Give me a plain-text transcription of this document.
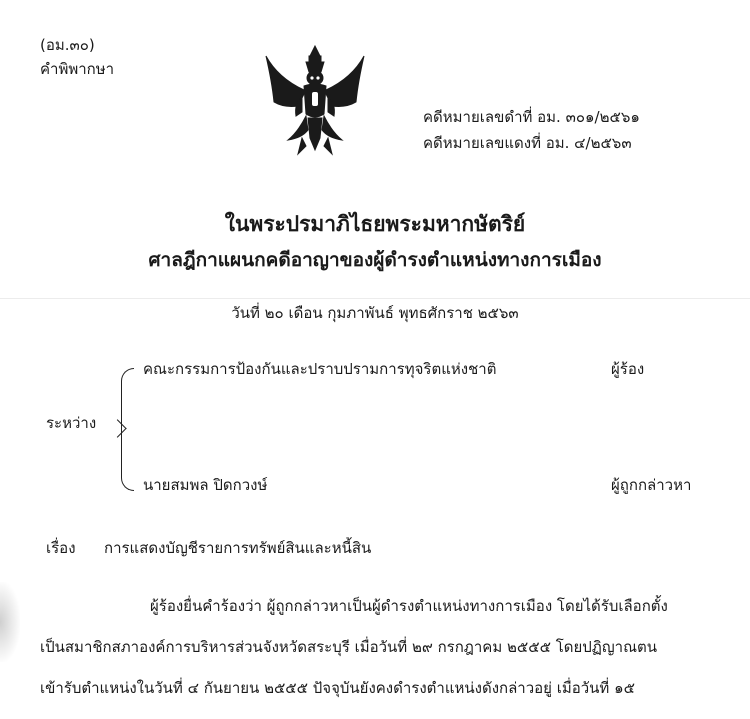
(อม.๓๐)
คำพิพากษา
คดีหมายเลขดำที่ อม. ๓๐๑/๒๕๖๑
คดีหมายเลขแดงที่ อม. ๔/๒๕๖๓
ในพระปรมาภิไธยพระมหากษัตริย์
ศาลฎีกาแผนกคดีอาญาของผู้ดำรงตำแหน่งทางการเมือง
วันที่ ๒๐ เดือน กุมภาพันธ์ พุทธศักราช ๒๕๖๓
ระหว่าง
คณะกรรมการป้องกันและปราบปรามการทุจริตแห่งชาติ	ผู้ร้อง
นายสมพล ปิดกวงษ์	ผู้ถูกกล่าวหา
เรื่อง การแสดงบัญชีรายการทรัพย์สินและหนี้สิน
ผู้ร้องยื่นคำร้องว่า ผู้ถูกกล่าวหาเป็นผู้ดำรงตำแหน่งทางการเมือง โดยได้รับเลือกตั้ง
เป็นสมาชิกสภาองค์การบริหารส่วนจังหวัดสระบุรี เมื่อวันที่ ๒๙ กรกฎาคม ๒๕๕๕ โดยปฏิญาณตน
เข้ารับตำแหน่งในวันที่ ๔ กันยายน ๒๕๕๕ ปัจจุบันยังคงดำรงตำแหน่งดังกล่าวอยู่ เมื่อวันที่ ๑๕
